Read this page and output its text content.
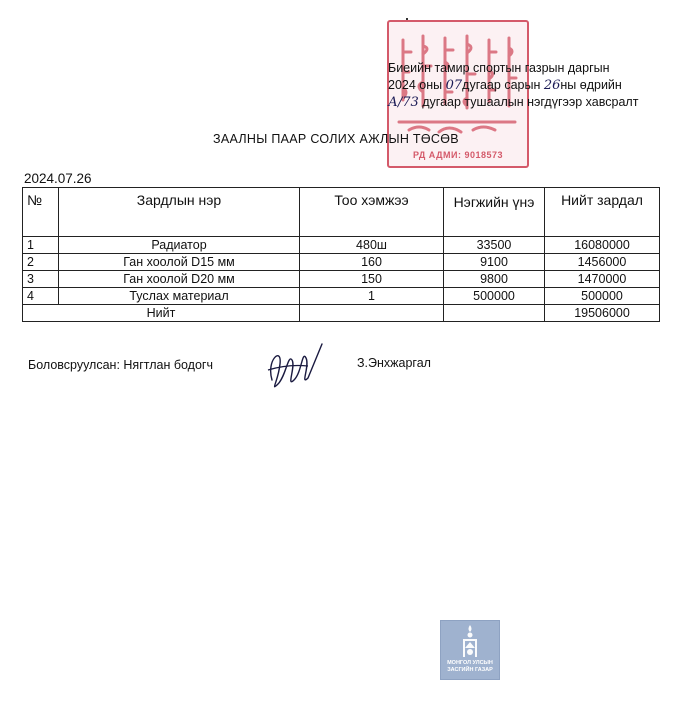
РД АДМИ: 9018573
Биеийн тамир спортын газрын даргын
2024 оны 07дугаар сарын 26ны өдрийн
А/73 дугаар тушаалын нэгдүгээр хавсралт
ЗААЛНЫ ПААР СОЛИХ АЖЛЫН ТӨСӨВ
2024.07.26
№	Зардлын нэр	Тоо хэмжээ	Нэгжийн үнэ	Нийт зардал
1	Радиатор	480ш	33500	16080000
2	Ган хоолой D15 мм	160	9100	1456000
3	Ган хоолой D20 мм	150	9800	1470000
4	Туслах материал	1	500000	500000
Нийт				19506000
Боловсруулсан: Нягтлан бодогч	З.Энхжаргал
МОНГОЛ УЛСЫН
ЗАСГИЙН ГАЗАР
